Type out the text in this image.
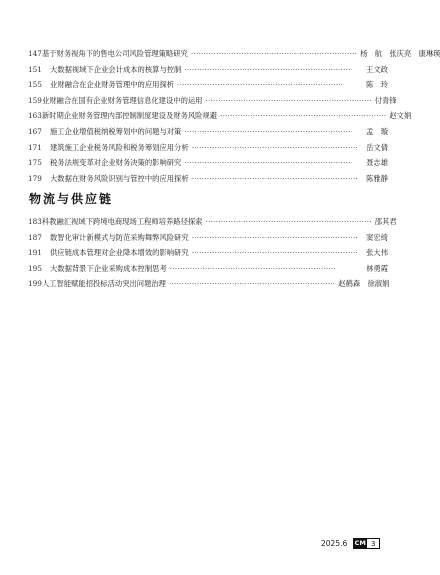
147 基于财务视角下的售电公司风险管理策略研究 ·································································· 杨　航　张庆亮　康琳瑛
151	大数据视域下企业会计成本的核算与控制 ··································································	王文政
155	业财融合在企业财务管理中的应用探析 ··································································	陈　玲
159 业财融合在国有企业财务管理信息化建设中的运用 ·································································· 付青锋
163 新时期企业财务管理内部控制制度建设及财务风险规避 ·································································· 赵文娟
167	施工企业增值税纳税筹划中的问题与对策 ··································································	孟　璇
171	建筑施工企业税务风险和税务筹划应用分析 ··································································	岳文倩
175	税务法规变革对企业财务决策的影响研究 ··································································	聂志雄
179	大数据在财务风险识别与管控中的应用探析 ··································································	陈雅静
物流与供应链
183 科教融汇视域下跨境电商现场工程师培养路径探索 ·································································· 邵其君
187	数智化审计新模式与防范采购舞弊风险研究 ··································································	窦宏绮
191	供应链成本管理对企业降本增效的影响研究 ··································································	张大伟
195	大数据背景下企业采购成本控制思考 ··································································	林勇霞
199 人工智能赋能招投标活动突出问题治理 ·································································· 赵鹤森　徐淑娟
2025.6 CM 3
